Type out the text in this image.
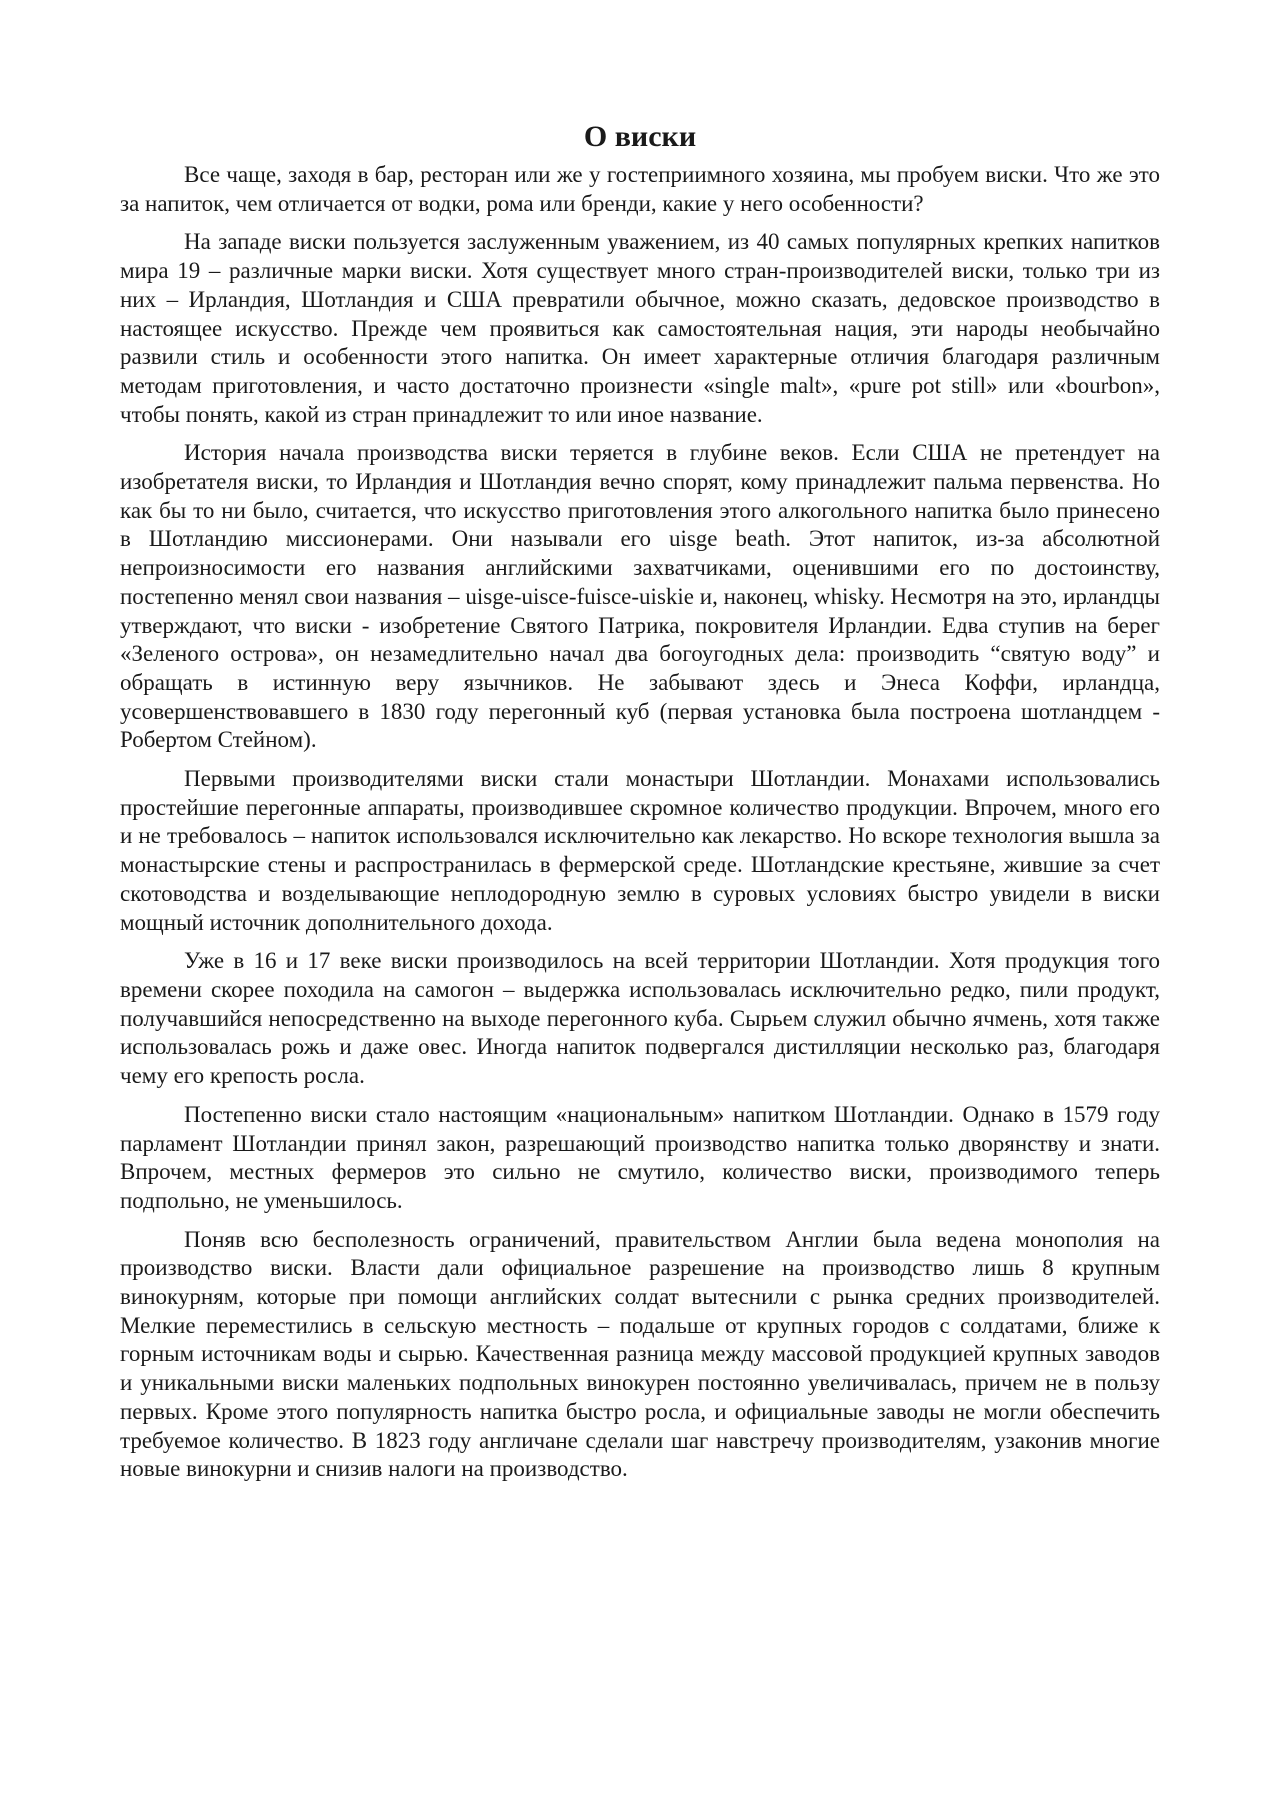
О виски

Все чаще, заходя в бар, ресторан или же у гостеприимного хозяина, мы пробуем виски. Что же это за напиток, чем отличается от водки, рома или бренди, какие у него особенности?

На западе виски пользуется заслуженным уважением, из 40 самых популярных крепких напитков мира 19 – различные марки виски. Хотя существует много стран-производителей виски, только три из них – Ирландия, Шотландия и США превратили обычное, можно сказать, дедовское производство в настоящее искусство. Прежде чем проявиться как самостоятельная нация, эти народы необычайно развили стиль и особенности этого напитка. Он имеет характерные отличия благодаря различным методам приготовления, и часто достаточно произнести «single malt», «pure pot still» или «bourbon», чтобы понять, какой из стран принадлежит то или иное название.

История начала производства виски теряется в глубине веков. Если США не претендует на изобретателя виски, то Ирландия и Шотландия вечно спорят, кому принадлежит пальма первенства. Но как бы то ни было, считается, что искусство приготовления этого алкогольного напитка было принесено в Шотландию миссионерами. Они называли его uisge beath. Этот напиток, из-за абсолютной непроизносимости его названия английскими захватчиками, оценившими его по достоинству, постепенно менял свои названия – uisge-uisce-fuisce-uiskie и, наконец, whisky. Несмотря на это, ирландцы утверждают, что виски - изобретение Святого Патрика, покровителя Ирландии. Едва ступив на берег «Зеленого острова», он незамедлительно начал два богоугодных дела: производить “святую воду” и обращать в истинную веру язычников. Не забывают здесь и Энеса Коффи, ирландца, усовершенствовавшего в 1830 году перегонный куб (первая установка была построена шотландцем - Робертом Стейном).

Первыми производителями виски стали монастыри Шотландии. Монахами использовались простейшие перегонные аппараты, производившее скромное количество продукции. Впрочем, много его и не требовалось – напиток использовался исключительно как лекарство. Но вскоре технология вышла за монастырские стены и распространилась в фермерской среде. Шотландские крестьяне, жившие за счет скотоводства и возделывающие неплодородную землю в суровых условиях быстро увидели в виски мощный источник дополнительного дохода.

Уже в 16 и 17 веке виски производилось на всей территории Шотландии. Хотя продукция того времени скорее походила на самогон – выдержка использовалась исключительно редко, пили продукт, получавшийся непосредственно на выходе перегонного куба. Сырьем служил обычно ячмень, хотя также использовалась рожь и даже овес. Иногда напиток подвергался дистилляции несколько раз, благодаря чему его крепость росла.

Постепенно виски стало настоящим «национальным» напитком Шотландии. Однако в 1579 году парламент Шотландии принял закон, разрешающий производство напитка только дворянству и знати. Впрочем, местных фермеров это сильно не смутило, количество виски, производимого теперь подпольно, не уменьшилось.

Поняв всю бесполезность ограничений, правительством Англии была ведена монополия на производство виски. Власти дали официальное разрешение на производство лишь 8 крупным винокурням, которые при помощи английских солдат вытеснили с рынка средних производителей. Мелкие переместились в сельскую местность – подальше от крупных городов с солдатами, ближе к горным источникам воды и сырью. Качественная разница между массовой продукцией крупных заводов и уникальными виски маленьких подпольных винокурен постоянно увеличивалась, причем не в пользу первых. Кроме этого популярность напитка быстро росла, и официальные заводы не могли обеспечить требуемое количество. В 1823 году англичане сделали шаг навстречу производителям, узаконив многие новые винокурни и снизив налоги на производство.
